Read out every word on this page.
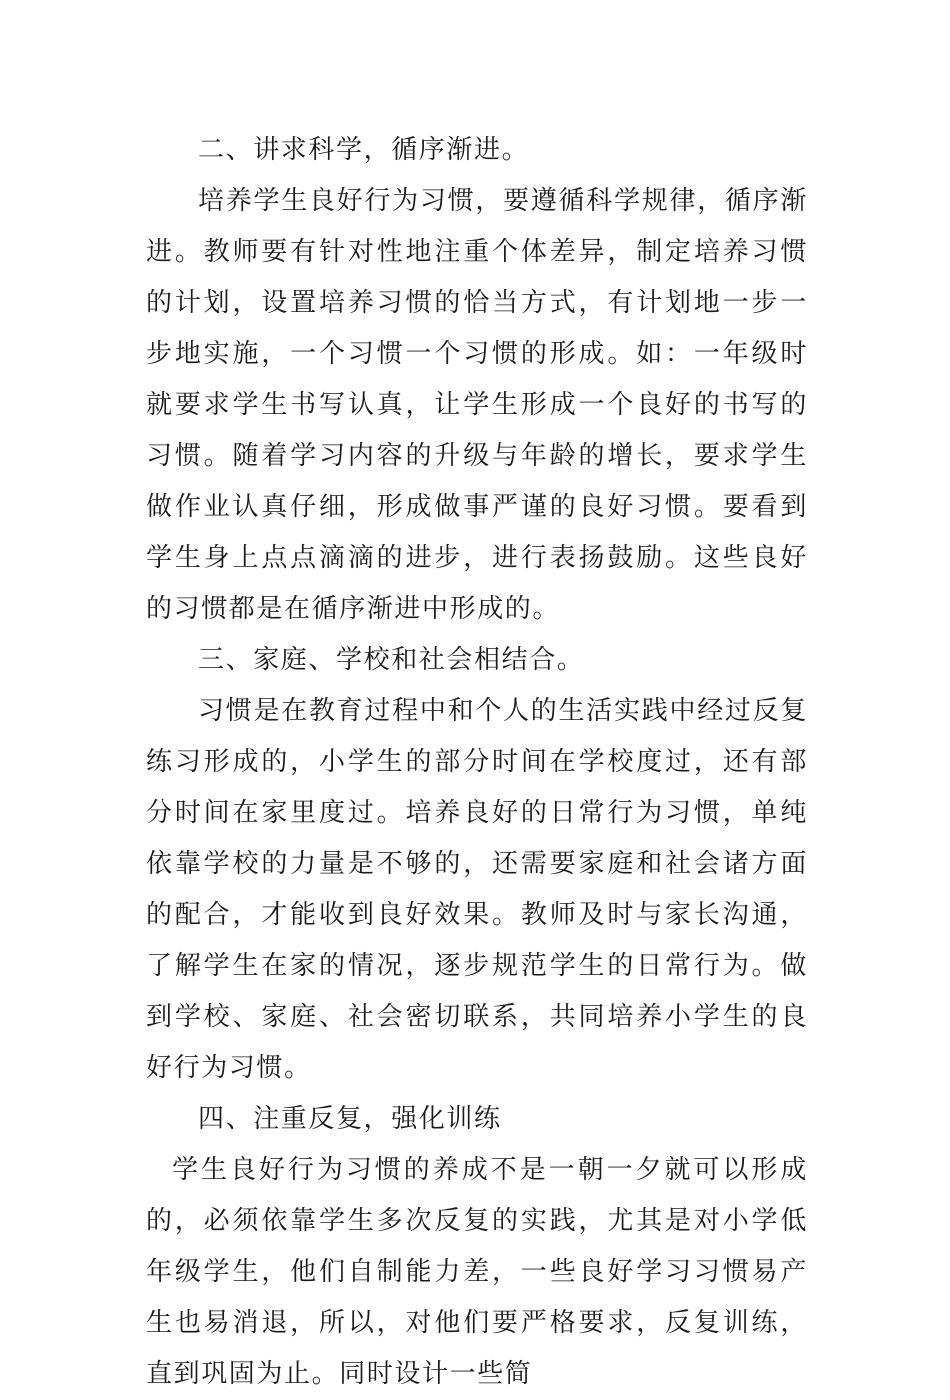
二、讲求科学，循序渐进。

培养学生良好行为习惯，要遵循科学规律，循序渐进。教师要有针对性地注重个体差异，制定培养习惯的计划，设置培养习惯的恰当方式，有计划地一步一步地实施，一个习惯一个习惯的形成。如：一年级时就要求学生书写认真，让学生形成一个良好的书写的习惯。随着学习内容的升级与年龄的增长，要求学生做作业认真仔细，形成做事严谨的良好习惯。要看到学生身上点点滴滴的进步，进行表扬鼓励。这些良好的习惯都是在循序渐进中形成的。

三、家庭、学校和社会相结合。

习惯是在教育过程中和个人的生活实践中经过反复练习形成的，小学生的部分时间在学校度过，还有部分时间在家里度过。培养良好的日常行为习惯，单纯依靠学校的力量是不够的，还需要家庭和社会诸方面的配合，才能收到良好效果。教师及时与家长沟通，了解学生在家的情况，逐步规范学生的日常行为。做到学校、家庭、社会密切联系，共同培养小学生的良好行为习惯。

四、注重反复，强化训练

学生良好行为习惯的养成不是一朝一夕就可以形成的，必须依靠学生多次反复的实践，尤其是对小学低年级学生，他们自制能力差，一些良好学习习惯易产生也易消退，所以，对他们要严格要求，反复训练，直到巩固为止。同时设计一些简
